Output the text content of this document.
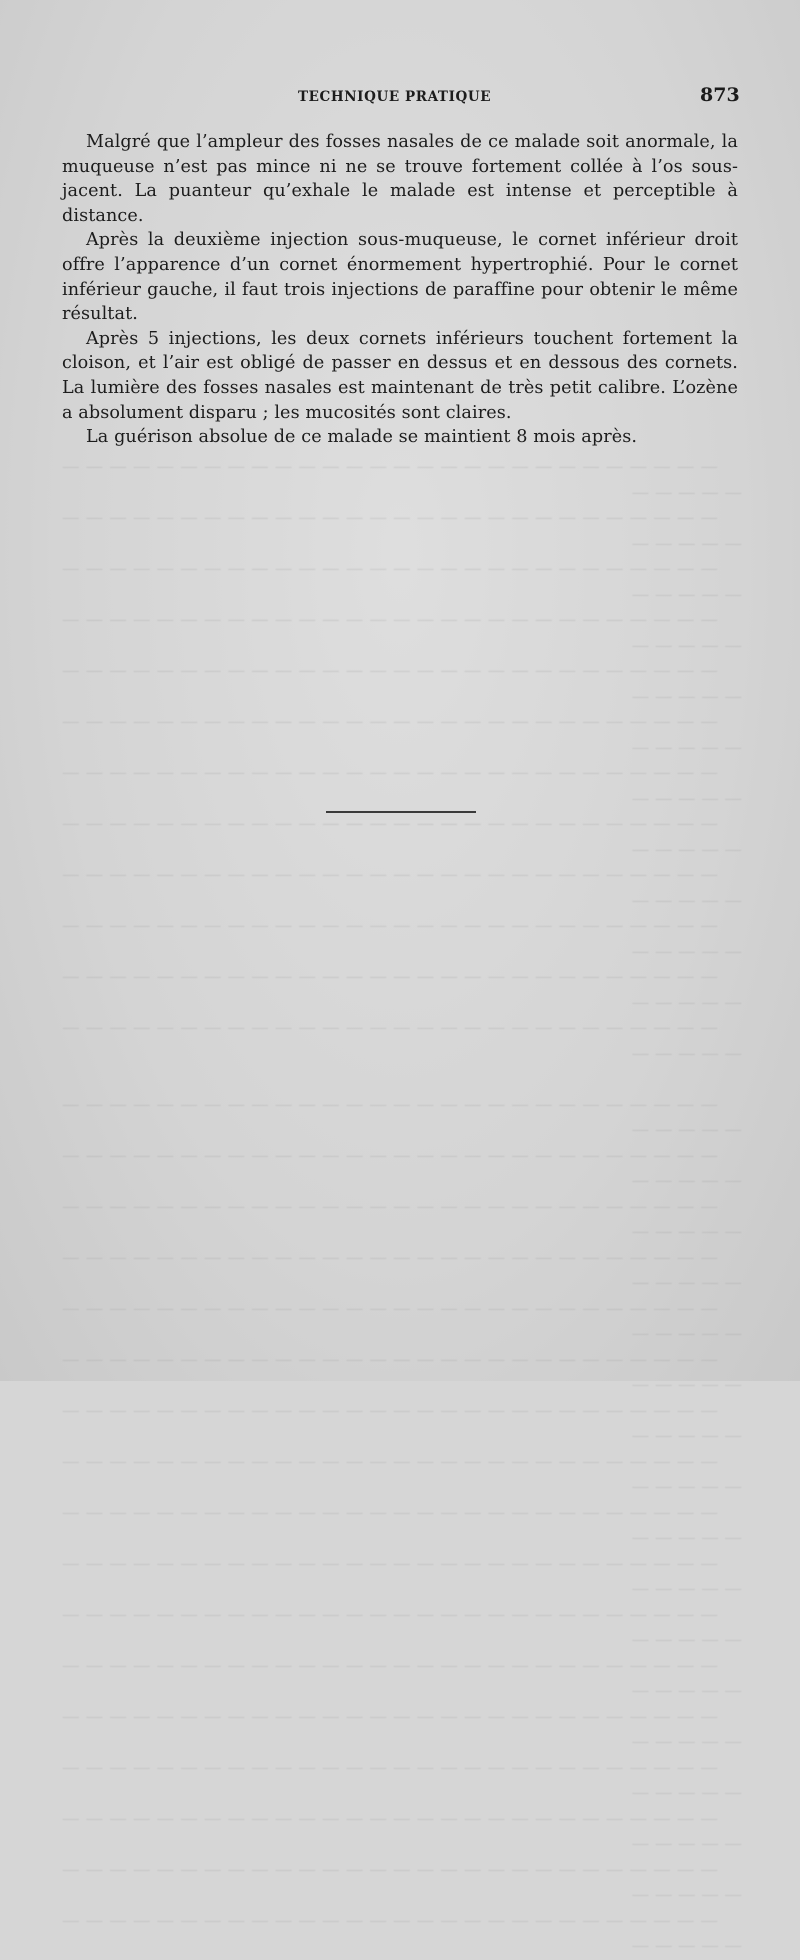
TECHNIQUE PRATIQUE	873

Malgré que l’ampleur des fosses nasales de ce malade soit anormale, la muqueuse n’est pas mince ni ne se trouve fortement collée à l’os sous-jacent. La puanteur qu’exhale le malade est intense et perceptible à distance.

Après la deuxième injection sous-muqueuse, le cornet inférieur droit offre l’apparence d’un cornet énormement hypertrophié. Pour le cornet inférieur gauche, il faut trois injections de paraffine pour obtenir le même résultat.

Après 5 injections, les deux cornets inférieurs touchent fortement la cloison, et l’air est obligé de passer en dessus et en dessous des cornets. La lumière des fosses nasales est maintenant de très petit calibre. L’ozène a absolument disparu ; les mucosités sont claires.

La guérison absolue de ce malade se maintient 8 mois après.

— — — — — — — — — — — — — — — — — — — — — — — — — — — — — — — — —

— — — — — — — — — — — — — — — — — — — — — — — — — — — — — — — — —

— — — — — — — — — — — — — — — — — — — — — — — — — — — — — — — — —

— — — — — — — — — — — — — — — — — — — — — — — — — — — — — — — — —

— — — — — — — — — — — — — — — — — — — — — — — — — — — — — — — — —

— — — — — — — — — — — — — — — — — — — — — — — — — — — — — — — — —

— — — — — — — — — — — — — — — — — — — — — — — — — — — — — — — — —

— — — — — — — — — — — — — — — — — — — — — — — — — — — — — — — — —

— — — — — — — — — — — — — — — — — — — — — — — — — — — — — — — — —

— — — — — — — — — — — — — — — — — — — — — — — — — — — — — — — — —

— — — — — — — — — — — — — — — — — — — — — — — — — — — — — — — — —

— — — — — — — — — — — — — — — — — — — — — — — — — — — — — — — — —

— — — — — — — — — — — — — — — — — — — — — — — — — — — — — — — — —

— — — — — — — — — — — — — — — — — — — — — — — — — — — — — — — — —

— — — — — — — — — — — — — — — — — — — — — — — — — — — — — — — — —

— — — — — — — — — — — — — — — — — — — — — — — — — — — — — — — — —

— — — — — — — — — — — — — — — — — — — — — — — — — — — — — — — — —

— — — — — — — — — — — — — — — — — — — — — — — — — — — — — — — — —

— — — — — — — — — — — — — — — — — — — — — — — — — — — — — — — — —

— — — — — — — — — — — — — — — — — — — — — — — — — — — — — — — — —

— — — — — — — — — — — — — — — — — — — — — — — — — — — — — — — — —

— — — — — — — — — — — — — — — — — — — — — — — — — — — — — — — — —

— — — — — — — — — — — — — — — — — — — — — — — — — — — — — — — — —

— — — — — — — — — — — — — — — — — — — — — — — — — — — — — — — — —

— — — — — — — — — — — — — — — — — — — — — — — — — — — — — — — — —

— — — — — — — — — — — — — — — — — — — — — — — — — — — — — — — — —

— — — — — — — — — — — — — — — — — — — — — — — — — — — — — — — — —

— — — — — — — — — — — — — — — — — — — — — — — — — — — — — — — — —

— — — — — — — — — — — — — — — — — — — — — — — — — — — — — — — — —
